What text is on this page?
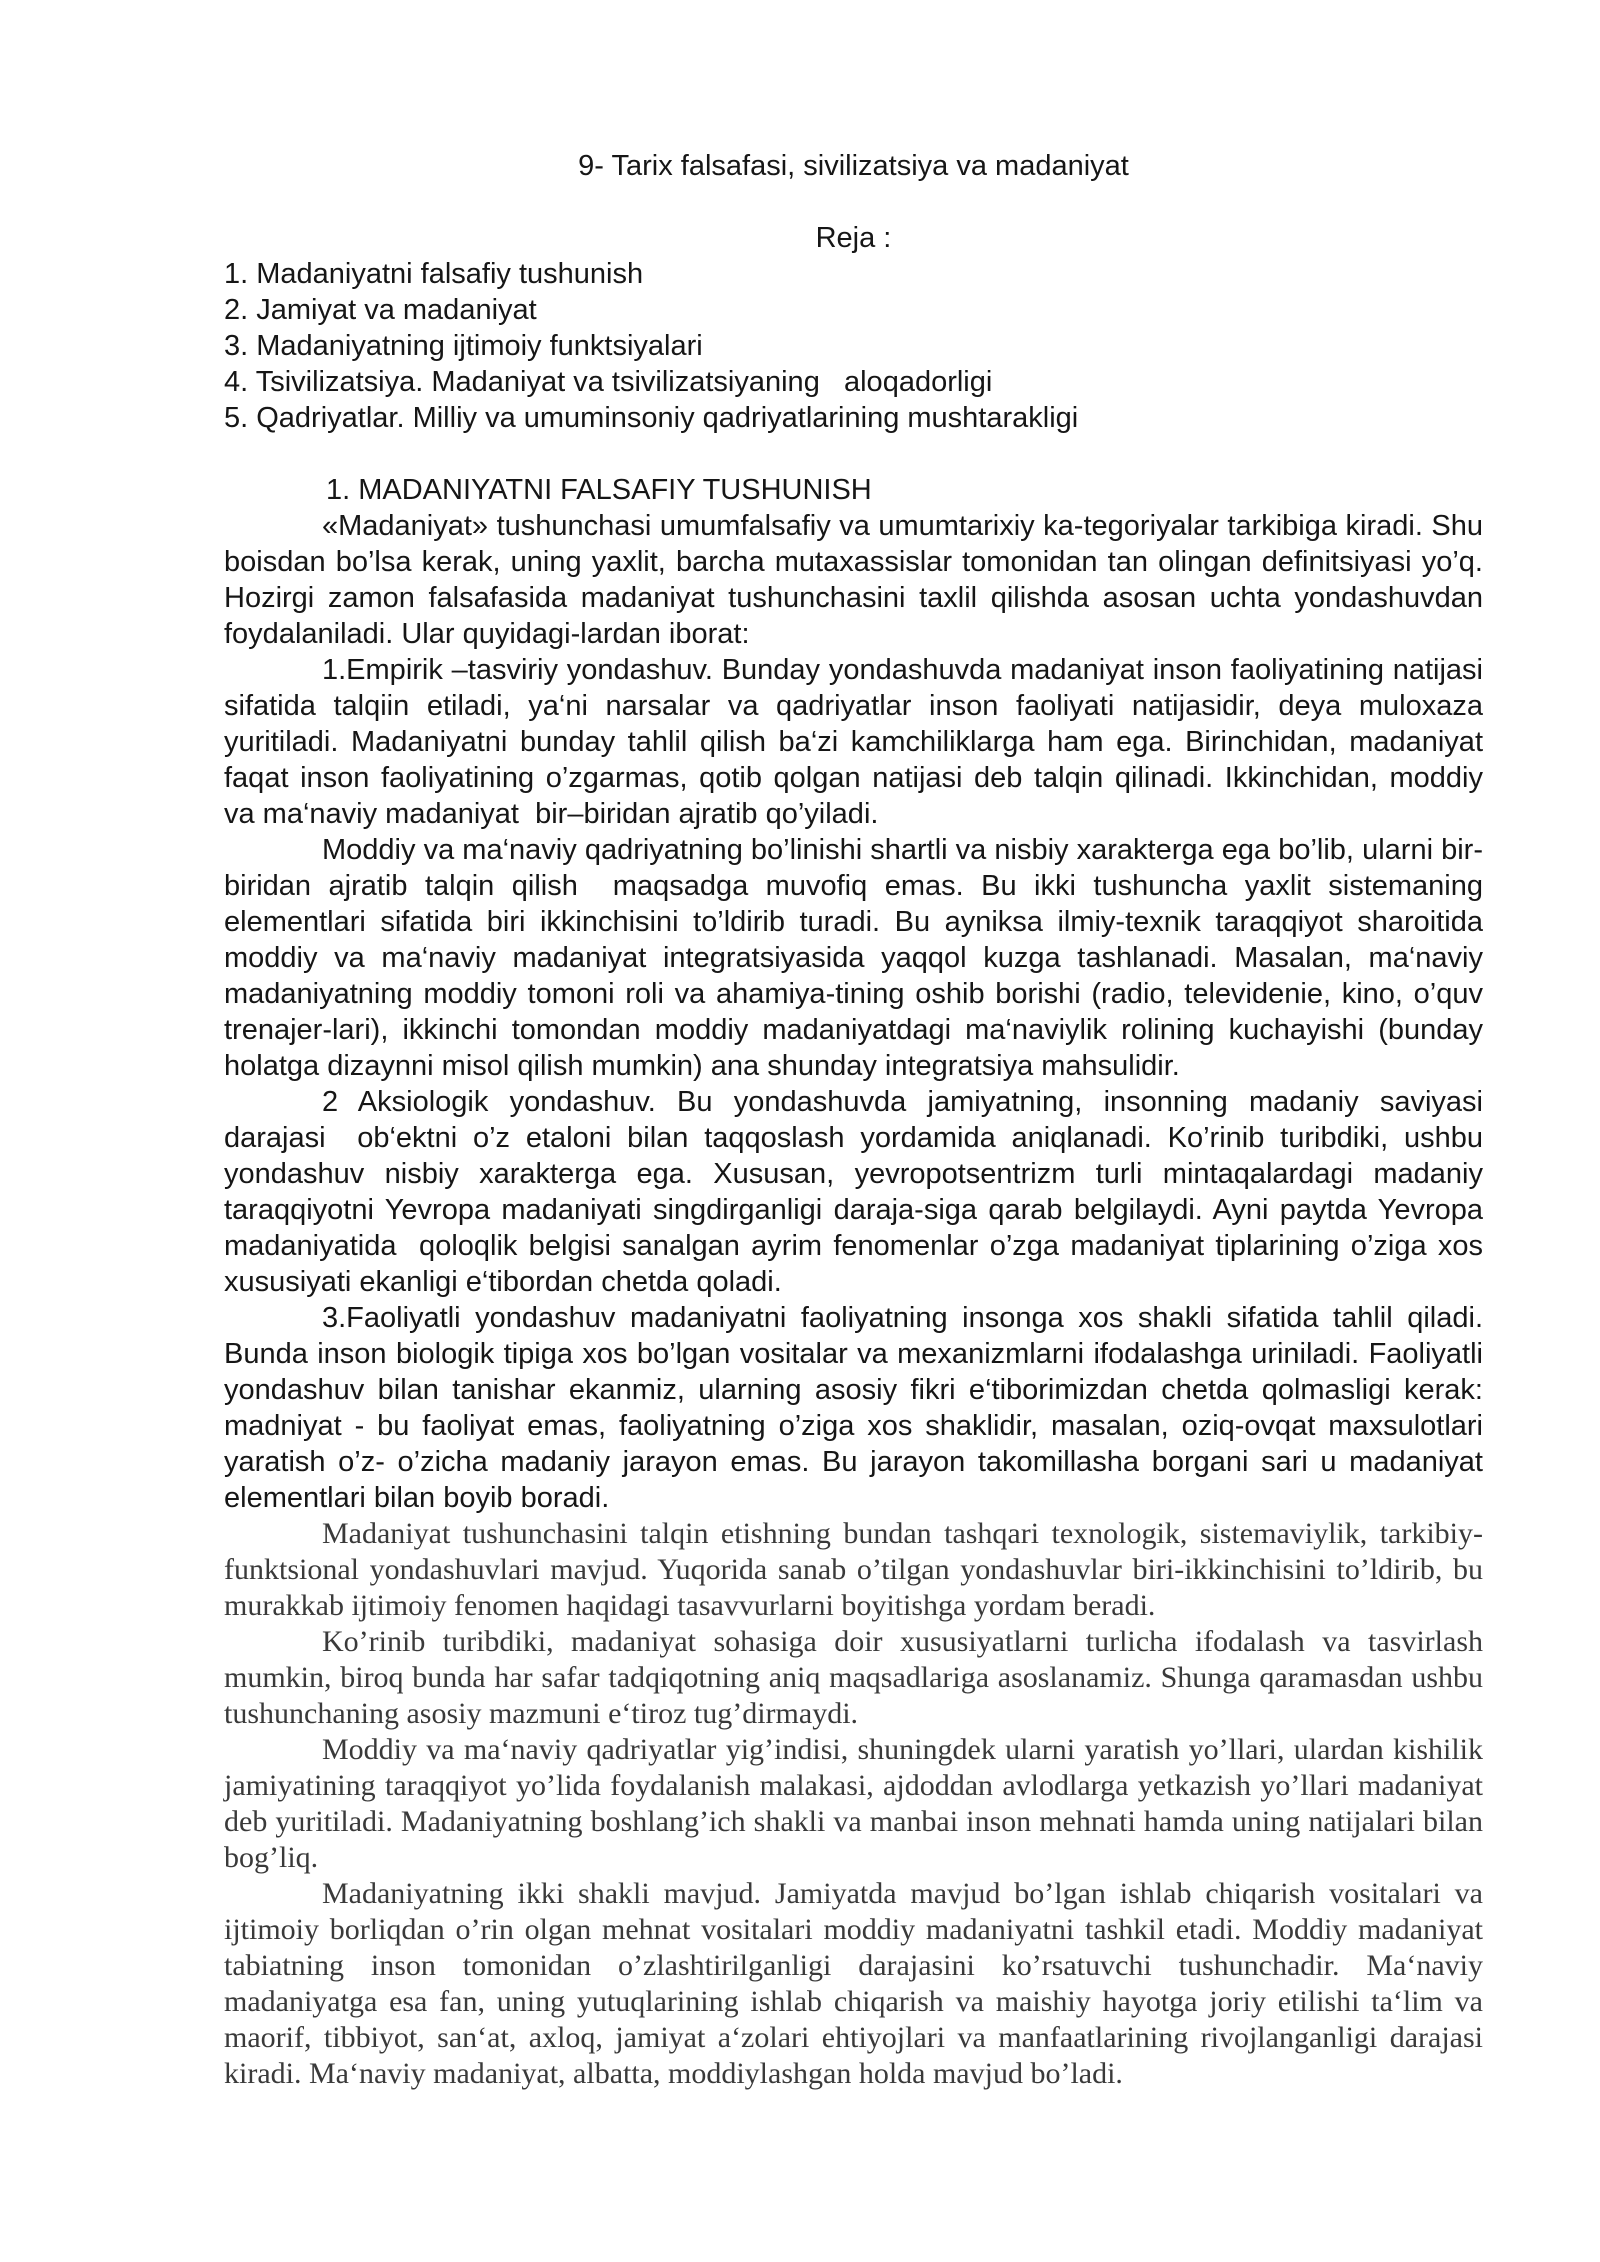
9- Tarix falsafasi, sivilizatsiya va madaniyat
Reja :
1. Madaniyatni falsafiy tushunish
2. Jamiyat va madaniyat
3. Madaniyatning ijtimoiy funktsiyalari
4. Tsivilizatsiya. Madaniyat va tsivilizatsiyaning   aloqadorligi
5. Qadriyatlar. Milliy va umuminsoniy qadriyatlarining mushtarakligi
1. MADANIYATNI FALSAFIY TUSHUNISH

«Madaniyat» tushunchasi umumfalsafiy va umumtarixiy ka-tegoriyalar tarkibiga kiradi. Shu boisdan bo’lsa kerak, uning yaxlit, barcha mutaxassislar tomonidan tan olingan definitsiyasi yo’q. Hozirgi zamon falsafasida madaniyat tushunchasini taxlil qilishda asosan uchta yondashuvdan foydalaniladi. Ular quyidagi-lardan iborat:

1.Empirik –tasviriy yondashuv. Bunday yondashuvda madaniyat inson faoliyatining natijasi sifatida talqiin etiladi, ya‘ni narsalar va qadriyatlar inson faoliyati natijasidir, deya muloxaza yuritiladi. Madaniyatni bunday tahlil qilish ba‘zi kamchiliklarga ham ega. Birinchidan, madaniyat faqat inson faoliyatining o’zgarmas, qotib qolgan natijasi deb talqin qilinadi. Ikkinchidan, moddiy va ma‘naviy madaniyat  bir–biridan ajratib qo’yiladi.

Moddiy va ma‘naviy qadriyatning bo’linishi shartli va nisbiy xarakterga ega bo’lib, ularni bir-biridan ajratib talqin qilish  maqsadga muvofiq emas. Bu ikki tushuncha yaxlit sistemaning elementlari sifatida biri ikkinchisini to’ldirib turadi. Bu ayniksa ilmiy-texnik taraqqiyot sharoitida moddiy va ma‘naviy madaniyat integratsiyasida yaqqol kuzga tashlanadi. Masalan, ma‘naviy madaniyatning moddiy tomoni roli va ahamiya-tining oshib borishi (radio, televidenie, kino, o’quv trenajer-lari), ikkinchi tomondan moddiy madaniyatdagi ma‘naviylik rolining kuchayishi (bunday holatga dizaynni misol qilish mumkin) ana shunday integratsiya mahsulidir.

2 Aksiologik yondashuv. Bu yondashuvda jamiyatning, insonning madaniy saviyasi darajasi  ob‘ektni o’z etaloni bilan taqqoslash yordamida aniqlanadi. Ko’rinib turibdiki, ushbu yondashuv nisbiy xarakterga ega. Xususan, yevropotsentrizm turli mintaqalardagi madaniy taraqqiyotni Yevropa madaniyati singdirganligi daraja-siga qarab belgilaydi. Ayni paytda Yevropa madaniyatida  qoloqlik belgisi sanalgan ayrim fenomenlar o’zga madaniyat tiplarining o’ziga xos xususiyati ekanligi e‘tibordan chetda qoladi.

3.Faoliyatli yondashuv madaniyatni faoliyatning insonga xos shakli sifatida tahlil qiladi. Bunda inson biologik tipiga xos bo’lgan vositalar va mexanizmlarni ifodalashga uriniladi. Faoliyatli yondashuv bilan tanishar ekanmiz, ularning asosiy fikri e‘tiborimizdan chetda qolmasligi kerak: madniyat - bu faoliyat emas, faoliyatning o’ziga xos shaklidir, masalan, oziq-ovqat maxsulotlari yaratish o’z- o’zicha madaniy jarayon emas. Bu jarayon takomillasha borgani sari u madaniyat elementlari bilan boyib boradi.

Madaniyat tushunchasini talqin etishning bundan tashqari texnologik, sistemaviylik, tarkibiy-funktsional yondashuvlari mavjud. Yuqorida sanab o’tilgan yondashuvlar biri-ikkinchisini to’ldirib, bu murakkab ijtimoiy fenomen haqidagi tasavvurlarni boyitishga yordam beradi.

Ko’rinib turibdiki, madaniyat sohasiga doir xususiyatlarni turlicha ifodalash va tasvirlash mumkin, biroq bunda har safar tadqiqotning aniq maqsadlariga asoslanamiz. Shunga qaramasdan ushbu tushunchaning asosiy mazmuni e‘tiroz tug’dirmaydi.

Moddiy va ma‘naviy qadriyatlar yig’indisi, shuningdek ularni yaratish yo’llari, ulardan kishilik jamiyatining taraqqiyot yo’lida foydalanish malakasi, ajdoddan avlodlarga yetkazish yo’llari madaniyat deb yuritiladi. Madaniyatning boshlang’ich shakli va manbai inson mehnati hamda uning natijalari bilan bog’liq.

Madaniyatning ikki shakli mavjud. Jamiyatda mavjud bo’lgan ishlab chiqarish vositalari va ijtimoiy borliqdan o’rin olgan mehnat vositalari moddiy madaniyatni tashkil etadi. Moddiy madaniyat tabiatning inson tomonidan o’zlashtirilganligi darajasini ko’rsatuvchi tushunchadir. Ma‘naviy madaniyatga esa fan, uning yutuqlarining ishlab chiqarish va maishiy hayotga joriy etilishi ta‘lim va maorif, tibbiyot, san‘at, axloq, jamiyat a‘zolari ehtiyojlari va manfaatlarining rivojlanganligi darajasi kiradi. Ma‘naviy madaniyat, albatta, moddiylashgan holda mavjud bo’ladi.
